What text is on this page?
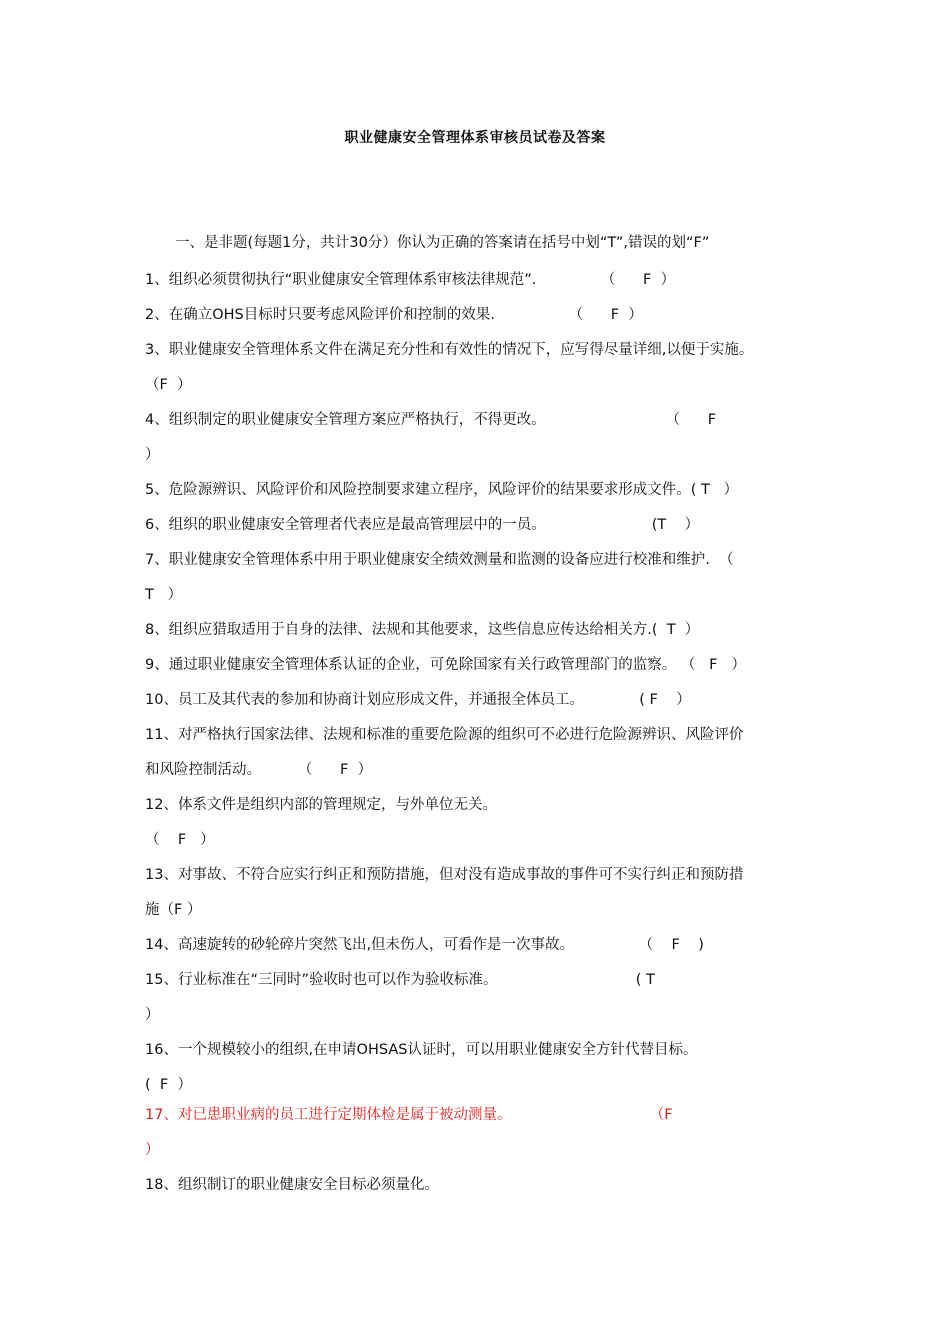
职业健康安全管理体系审核员试卷及答案
一、是非题(每题1分，共计30分）你认为正确的答案请在括号中划“T”,错误的划“F”
1、组织必须贯彻执行“职业健康安全管理体系审核法律规范”.              （      F  ）
2、在确立OHS目标时只要考虑风险评价和控制的效果.                （      F  ）
3、职业健康安全管理体系文件在满足充分性和有效性的情况下，应写得尽量详细,以便于实施。
（F  ）
4、组织制定的职业健康安全管理方案应严格执行，不得更改。                          （      F
）
5、危险源辨识、风险评价和风险控制要求建立程序，风险评价的结果要求形成文件。( T   ）
6、组织的职业健康安全管理者代表应是最高管理层中的一员。                       (T    ）
7、职业健康安全管理体系中用于职业健康安全绩效测量和监测的设备应进行校准和维护.  （
T   ）
8、组织应猎取适用于自身的法律、法规和其他要求，这些信息应传达给相关方.(  T  ）
9、通过职业健康安全管理体系认证的企业，可免除国家有关行政管理部门的监察。 （   F   ）
10、员工及其代表的参加和协商计划应形成文件，并通报全体员工。            ( F    ）
11、对严格执行国家法律、法规和标准的重要危险源的组织可不必进行危险源辨识、风险评价
和风险控制活动。        （      F  ）
12、体系文件是组织内部的管理规定，与外单位无关。
（    F   ）
13、对事故、不符合应实行纠正和预防措施，但对没有造成事故的事件可不实行纠正和预防措
施（F ）
14、高速旋转的砂轮碎片突然飞出,但未伤人，可看作是一次事故。              （    F    )
15、行业标准在“三同时”验收时也可以作为验收标准。                              ( T
）
16、一个规模较小的组织,在申请OHSAS认证时，可以用职业健康安全方针代替目标。
(  F  ）
17、对已患职业病的员工进行定期体检是属于被动测量。                              （F
）
18、组织制订的职业健康安全目标必须量化。
